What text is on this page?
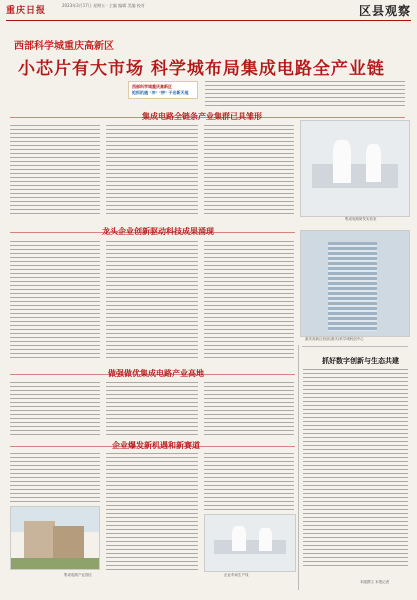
重庆日报
2023年3月17日 星期五 · 主编 编辑 美编 校对	区县观察
西部科学城重庆高新区
小芯片有大市场 科学城布局集成电路全产业链
西部科学城重庆高新区
抢抓机遇 "冲" "拼" 干出新天地
集成电路全链条产业集群已具雏形
集成电路研发实验室
龙头企业创新驱动科技成果涌现
重庆高新区西部(重庆)科学城科创中心
做强做优集成电路产业高地
企业爆发新机遇和新赛道
集成电路产业园区	企业车间生产线
抓好数字创新与生态共建
本版撰文 本报记者
